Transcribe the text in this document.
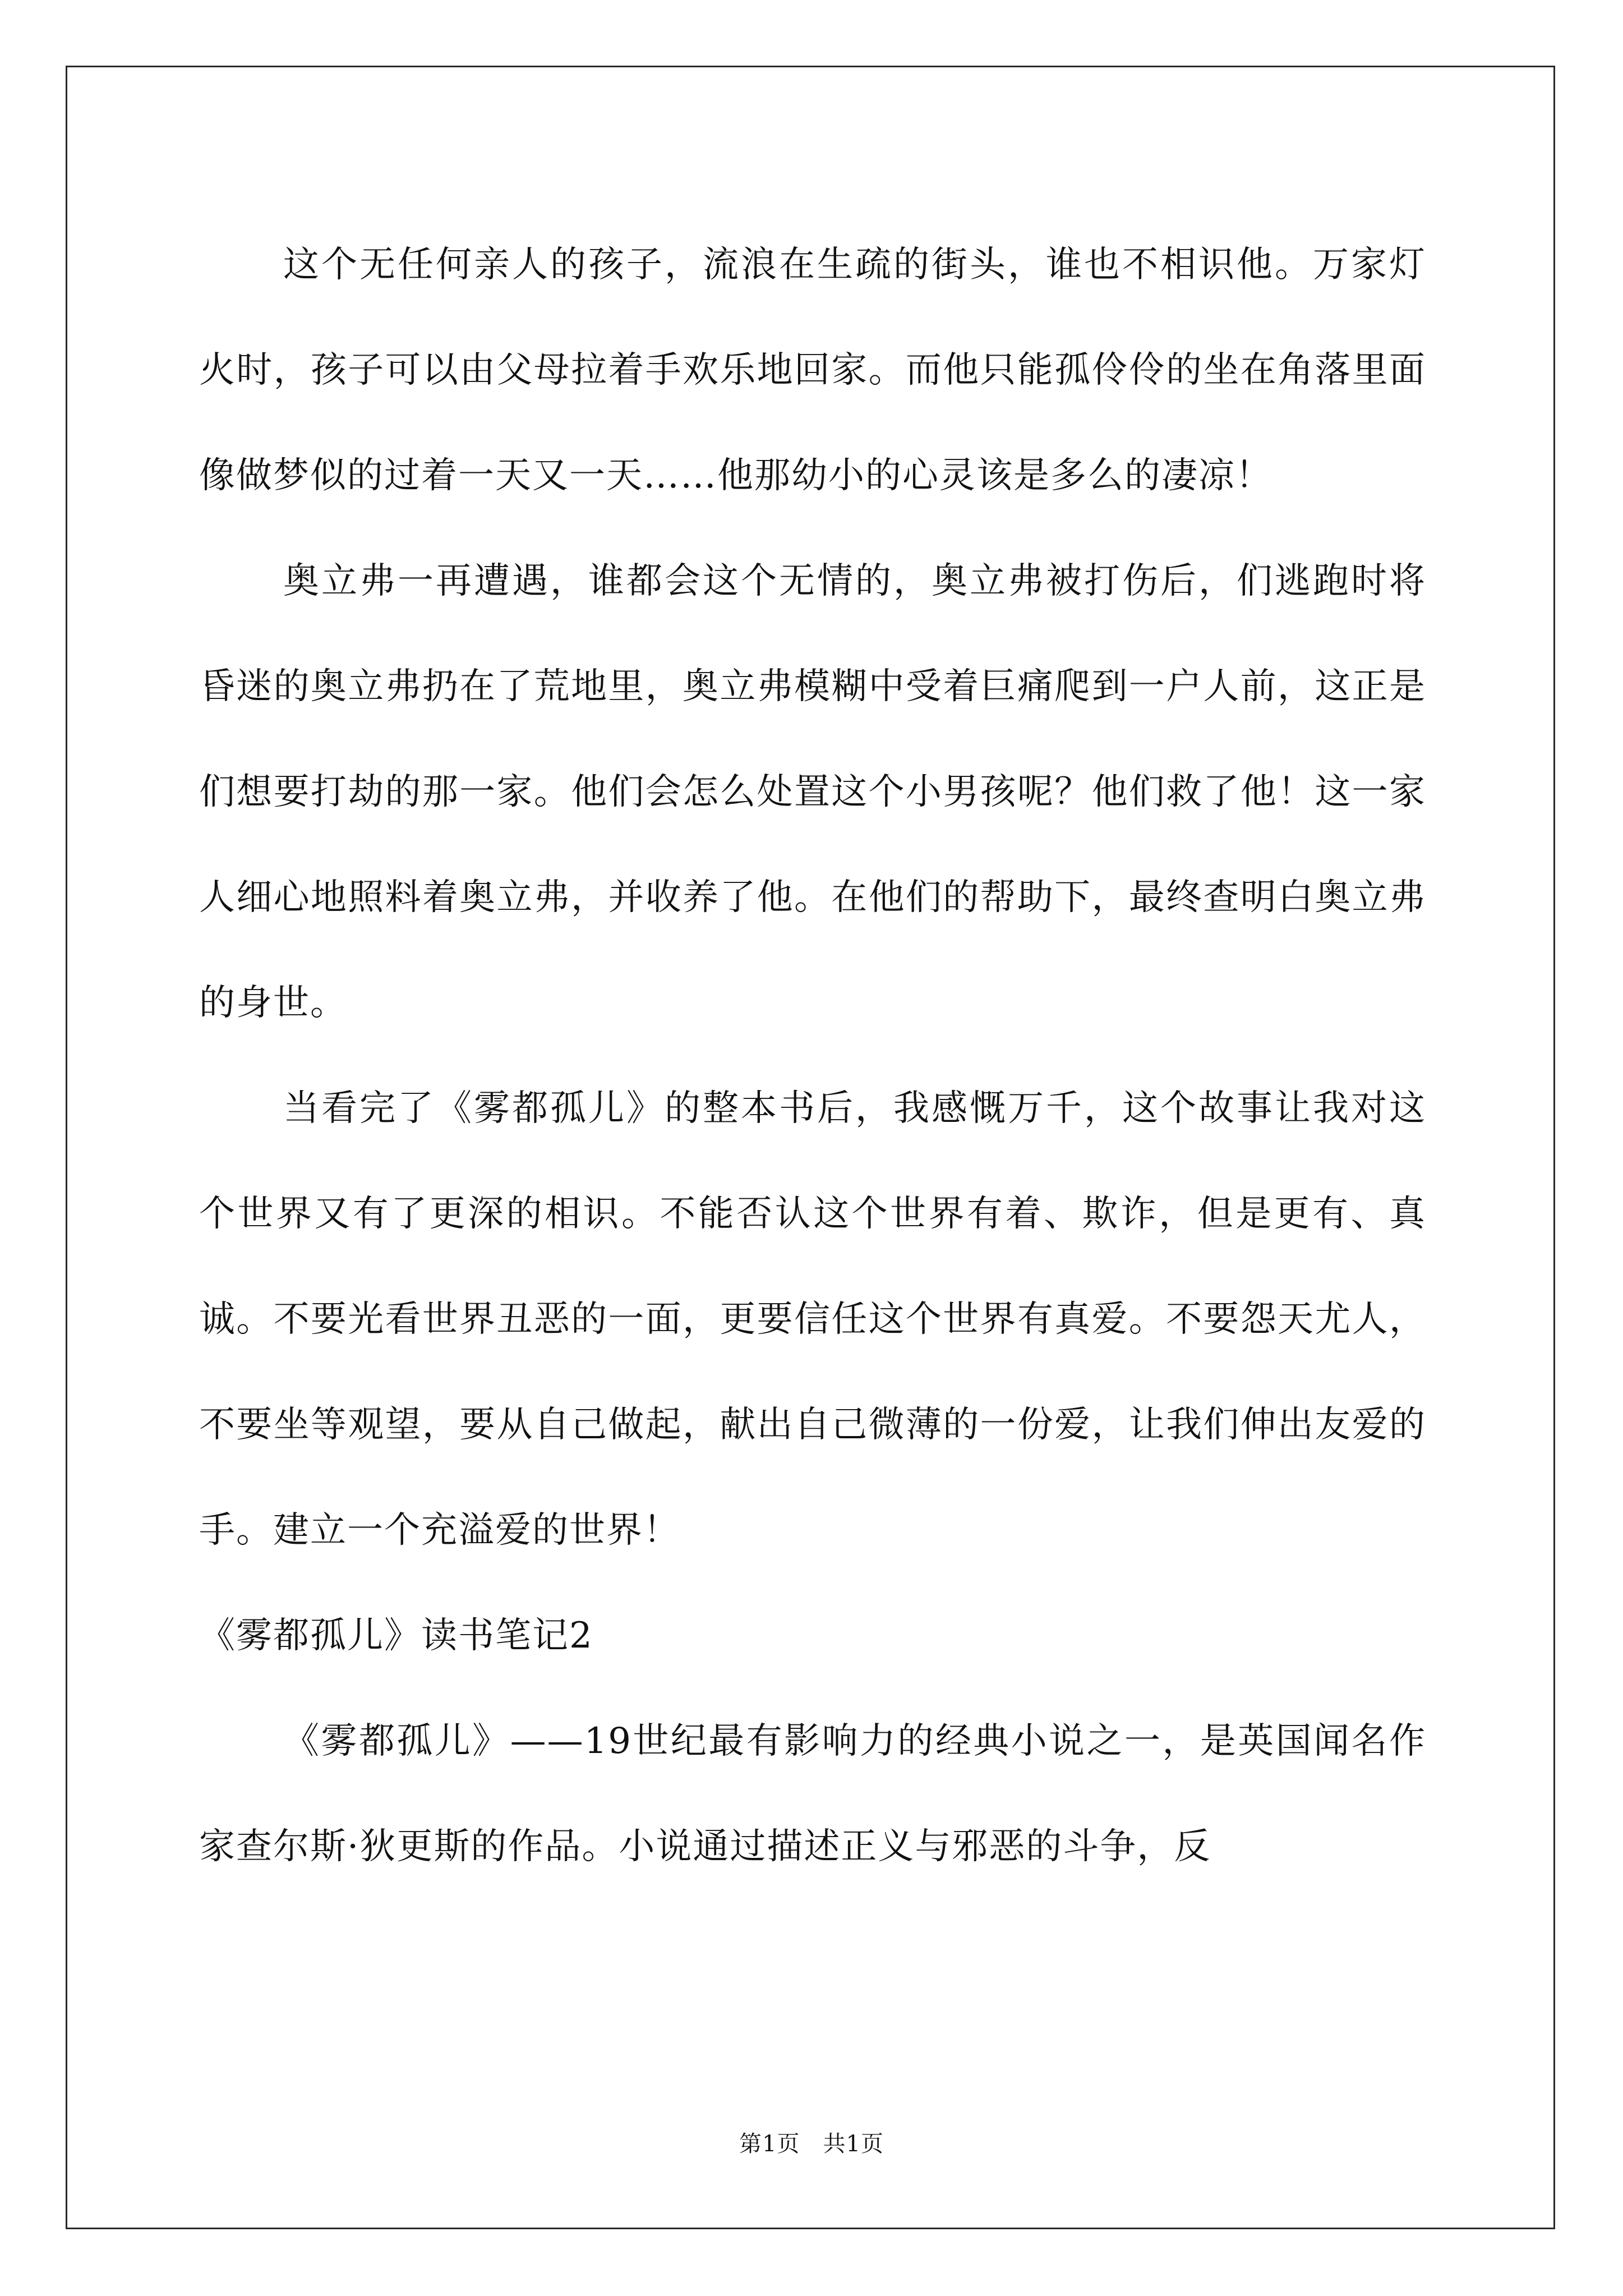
这个无任何亲人的孩子，流浪在生疏的街头，谁也不相识他。万家灯火时，孩子可以由父母拉着手欢乐地回家。而他只能孤伶伶的坐在角落里面像做梦似的过着一天又一天……他那幼小的心灵该是多么的凄凉！

奥立弗一再遭遇，谁都会这个无情的，奥立弗被打伤后，们逃跑时将昏迷的奥立弗扔在了荒地里，奥立弗模糊中受着巨痛爬到一户人前，这正是们想要打劫的那一家。他们会怎么处置这个小男孩呢？他们救了他！这一家人细心地照料着奥立弗，并收养了他。在他们的帮助下，最终查明白奥立弗的身世。

当看完了《雾都孤儿》的整本书后，我感慨万千，这个故事让我对这个世界又有了更深的相识。不能否认这个世界有着、欺诈，但是更有、真诚。不要光看世界丑恶的一面，更要信任这个世界有真爱。不要怨天尤人，不要坐等观望，要从自己做起，献出自己微薄的一份爱，让我们伸出友爱的手。建立一个充溢爱的世界！

《雾都孤儿》读书笔记2

《雾都孤儿》——19世纪最有影响力的经典小说之一，是英国闻名作家查尔斯·狄更斯的作品。小说通过描述正义与邪恶的斗争，反

第1页　共1页
